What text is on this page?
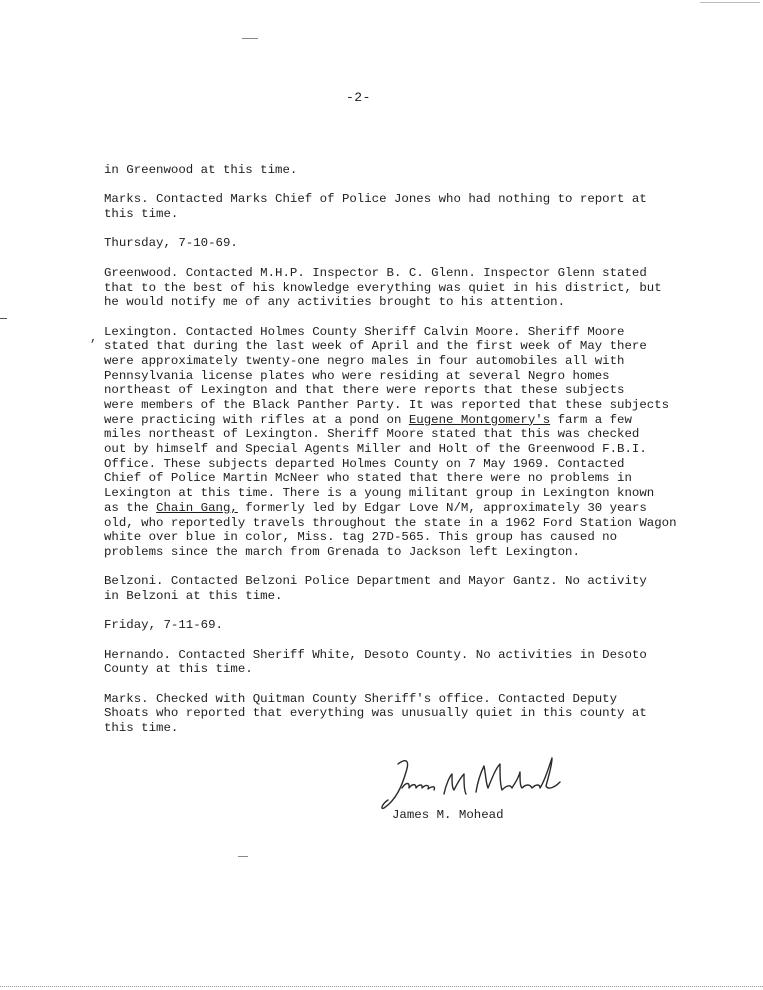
-2-
in Greenwood at this time.
Marks. Contacted Marks Chief of Police Jones who had nothing to report at
this time.
Thursday, 7-10-69.
Greenwood. Contacted M.H.P. Inspector B. C. Glenn. Inspector Glenn stated
that to the best of his knowledge everything was quiet in his district, but
he would notify me of any activities brought to his attention.
Lexington. Contacted Holmes County Sheriff Calvin Moore. Sheriff Moore
stated that during the last week of April and the first week of May there
were approximately twenty-one negro males in four automobiles all with
Pennsylvania license plates who were residing at several Negro homes
northeast of Lexington and that there were reports that these subjects
were members of the Black Panther Party. It was reported that these subjects
were practicing with rifles at a pond on Eugene Montgomery's farm a few
miles northeast of Lexington. Sheriff Moore stated that this was checked
out by himself and Special Agents Miller and Holt of the Greenwood F.B.I.
Office. These subjects departed Holmes County on 7 May 1969. Contacted
Chief of Police Martin McNeer who stated that there were no problems in
Lexington at this time. There is a young militant group in Lexington known
as the Chain Gang, formerly led by Edgar Love N/M, approximately 30 years
old, who reportedly travels throughout the state in a 1962 Ford Station Wagon
white over blue in color, Miss. tag 27D-565. This group has caused no
problems since the march from Grenada to Jackson left Lexington.
Belzoni. Contacted Belzoni Police Department and Mayor Gantz. No activity
in Belzoni at this time.
Friday, 7-11-69.
Hernando. Contacted Sheriff White, Desoto County. No activities in Desoto
County at this time.
Marks. Checked with Quitman County Sheriff's office. Contacted Deputy
Shoats who reported that everything was unusually quiet in this county at
this time.
,
James M. Mohead
